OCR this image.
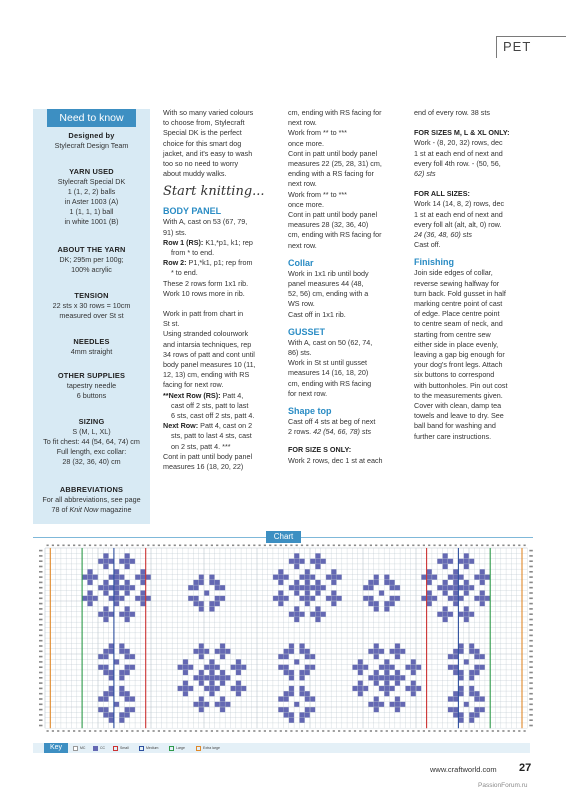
PET
Need to know
Designed by
Stylecraft Design Team
YARN USED
Stylecraft Special DK
1 (1, 2, 2) balls
in Aster 1003 (A)
1 (1, 1, 1) ball
in white 1001 (B)
ABOUT THE YARN
DK; 295m per 100g;
100% acrylic
TENSION
22 sts x 30 rows = 10cm
measured over St st
NEEDLES
4mm straight
OTHER SUPPLIES
tapestry needle
6 buttons
SIZING
S (M, L, XL)
To fit chest: 44 (54, 64, 74) cm
Full length, exc collar:
28 (32, 36, 40) cm
ABBREVIATIONS
For all abbreviations, see page
78 of Knit Now magazine

With so many varied colours

to choose from, Stylecraft

Special DK is the perfect

choice for this smart dog

jacket, and it's easy to wash

too so no need to worry

about muddy walks.

Start knitting...

BODY PANEL

With A, cast on 53 (67, 79,

91) sts.

Row 1 (RS): K1,*p1, k1; rep

from * to end.

Row 2: P1,*k1, p1; rep from

* to end.

These 2 rows form 1x1 rib.

Work 10 rows more in rib.

Work in patt from chart in

St st.

Using stranded colourwork

and intarsia techniques, rep

34 rows of patt and cont until

body panel measures 10 (11,

12, 13) cm, ending with RS

facing for next row.

**Next Row (RS): Patt 4,

cast off 2 sts, patt to last

6 sts, cast off 2 sts, patt 4.

Next Row: Patt 4, cast on 2

sts, patt to last 4 sts, cast

on 2 sts, patt 4. ***

Cont in patt until body panel

measures 16 (18, 20, 22)

cm, ending with RS facing for

next row.

Work from ** to ***

once more.

Cont in patt until body panel

measures 22 (25, 28, 31) cm,

ending with a RS facing for

next row.

Work from ** to ***

once more.

Cont in patt until body panel

measures 28 (32, 36, 40)

cm, ending with RS facing for

next row.

Collar

Work in 1x1 rib until body

panel measures 44 (48,

52, 56) cm, ending with a

WS row.

Cast off in 1x1 rib.

GUSSET

With A, cast on 50 (62, 74,

86) sts.

Work in St st until gusset

measures 14 (16, 18, 20)

cm, ending with RS facing

for next row.

Shape top

Cast off 4 sts at beg of next

2 rows. 42 (54, 66, 78) sts

FOR SIZE S ONLY:

Work 2 rows, dec 1 st at each

end of every row. 38 sts

FOR SIZES M, L & XL ONLY:

Work - (8, 20, 32) rows, dec

1 st at each end of next and

every foll 4th row. - (50, 56,

62) sts

FOR ALL SIZES:

Work 14 (14, 8, 2) rows, dec

1 st at each end of next and

every foll alt (alt, alt, 0) row.

24 (36, 48, 60) sts

Cast off.

Finishing

Join side edges of collar,

reverse sewing halfway for

turn back. Fold gusset in half

marking centre point of cast

of edge. Place centre point

to centre seam of neck, and

starting from centre sew

either side in place evenly,

leaving a gap big enough for

your dog's front legs. Attach

six buttons to correspond

with buttonholes. Pin out cost

to the measurements given.

Cover with clean, damp tea

towels and leave to dry. See

ball band for washing and

further care instructions.

Chart
Key	MC	CC	Small	Medium	Large	Extra large
www.craftworld.com 27
PassionForum.ru
